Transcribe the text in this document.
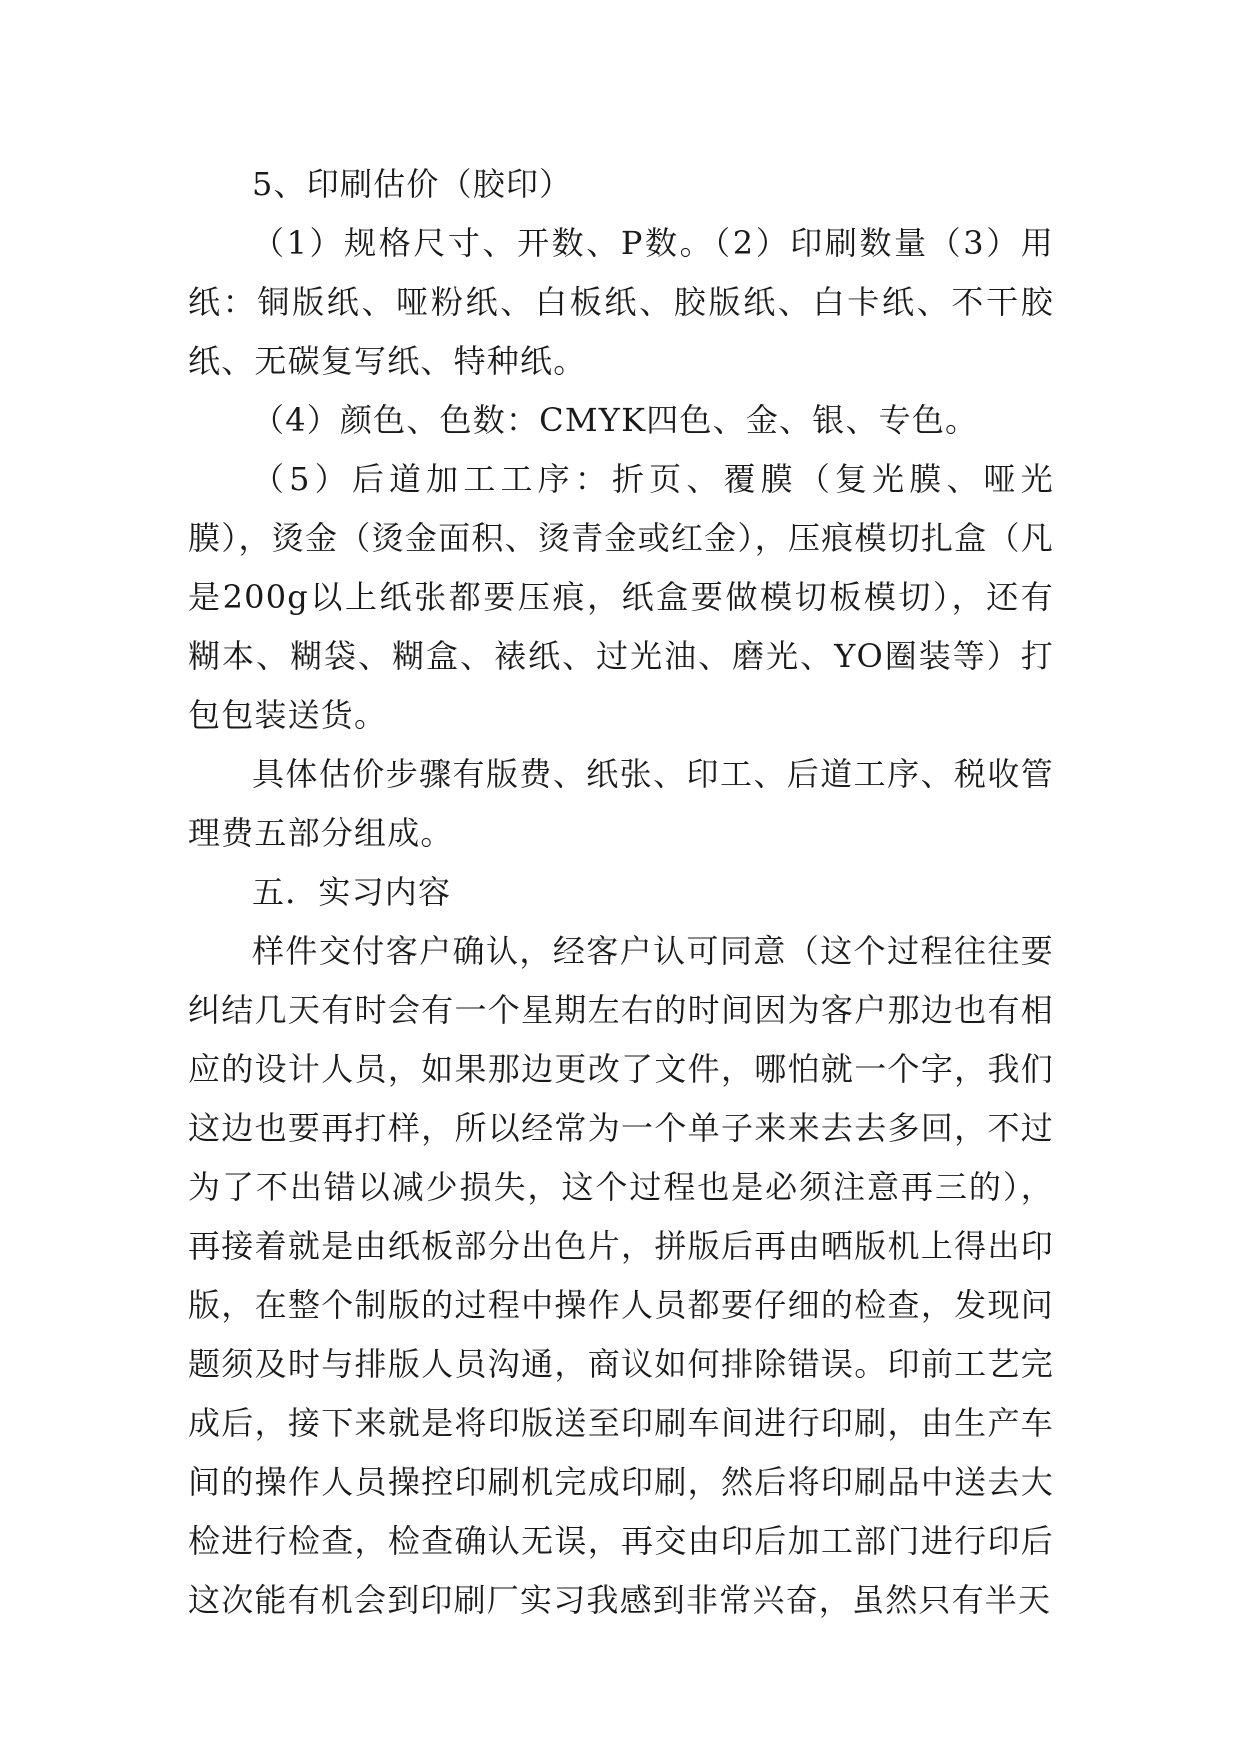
5、印刷估价（胶印）

（1）规格尺寸、开数、P数。（2）印刷数量（3）用纸：铜版纸、哑粉纸、白板纸、胶版纸、白卡纸、不干胶纸、无碳复写纸、特种纸。

（4）颜色、色数：CMYK四色、金、银、专色。

（5）后道加工工序：折页、覆膜（复光膜、哑光膜），烫金（烫金面积、烫青金或红金），压痕模切扎盒（凡是200g以上纸张都要压痕，纸盒要做模切板模切），还有糊本、糊袋、糊盒、裱纸、过光油、磨光、YO圈装等）打包包装送货。

具体估价步骤有版费、纸张、印工、后道工序、税收管理费五部分组成。

五．实习内容

样件交付客户确认，经客户认可同意（这个过程往往要纠结几天有时会有一个星期左右的时间因为客户那边也有相应的设计人员，如果那边更改了文件，哪怕就一个字，我们这边也要再打样，所以经常为一个单子来来去去多回，不过为了不出错以减少损失，这个过程也是必须注意再三的），再接着就是由纸板部分出色片，拼版后再由晒版机上得出印版，在整个制版的过程中操作人员都要仔细的检查，发现问题须及时与排版人员沟通，商议如何排除错误。印前工艺完成后，接下来就是将印版送至印刷车间进行印刷，由生产车间的操作人员操控印刷机完成印刷，然后将印刷品中送去大检进行检查，检查确认无误，再交由印后加工部门进行印后这次能有机会到印刷厂实习我感到非常兴奋，虽然只有半天
